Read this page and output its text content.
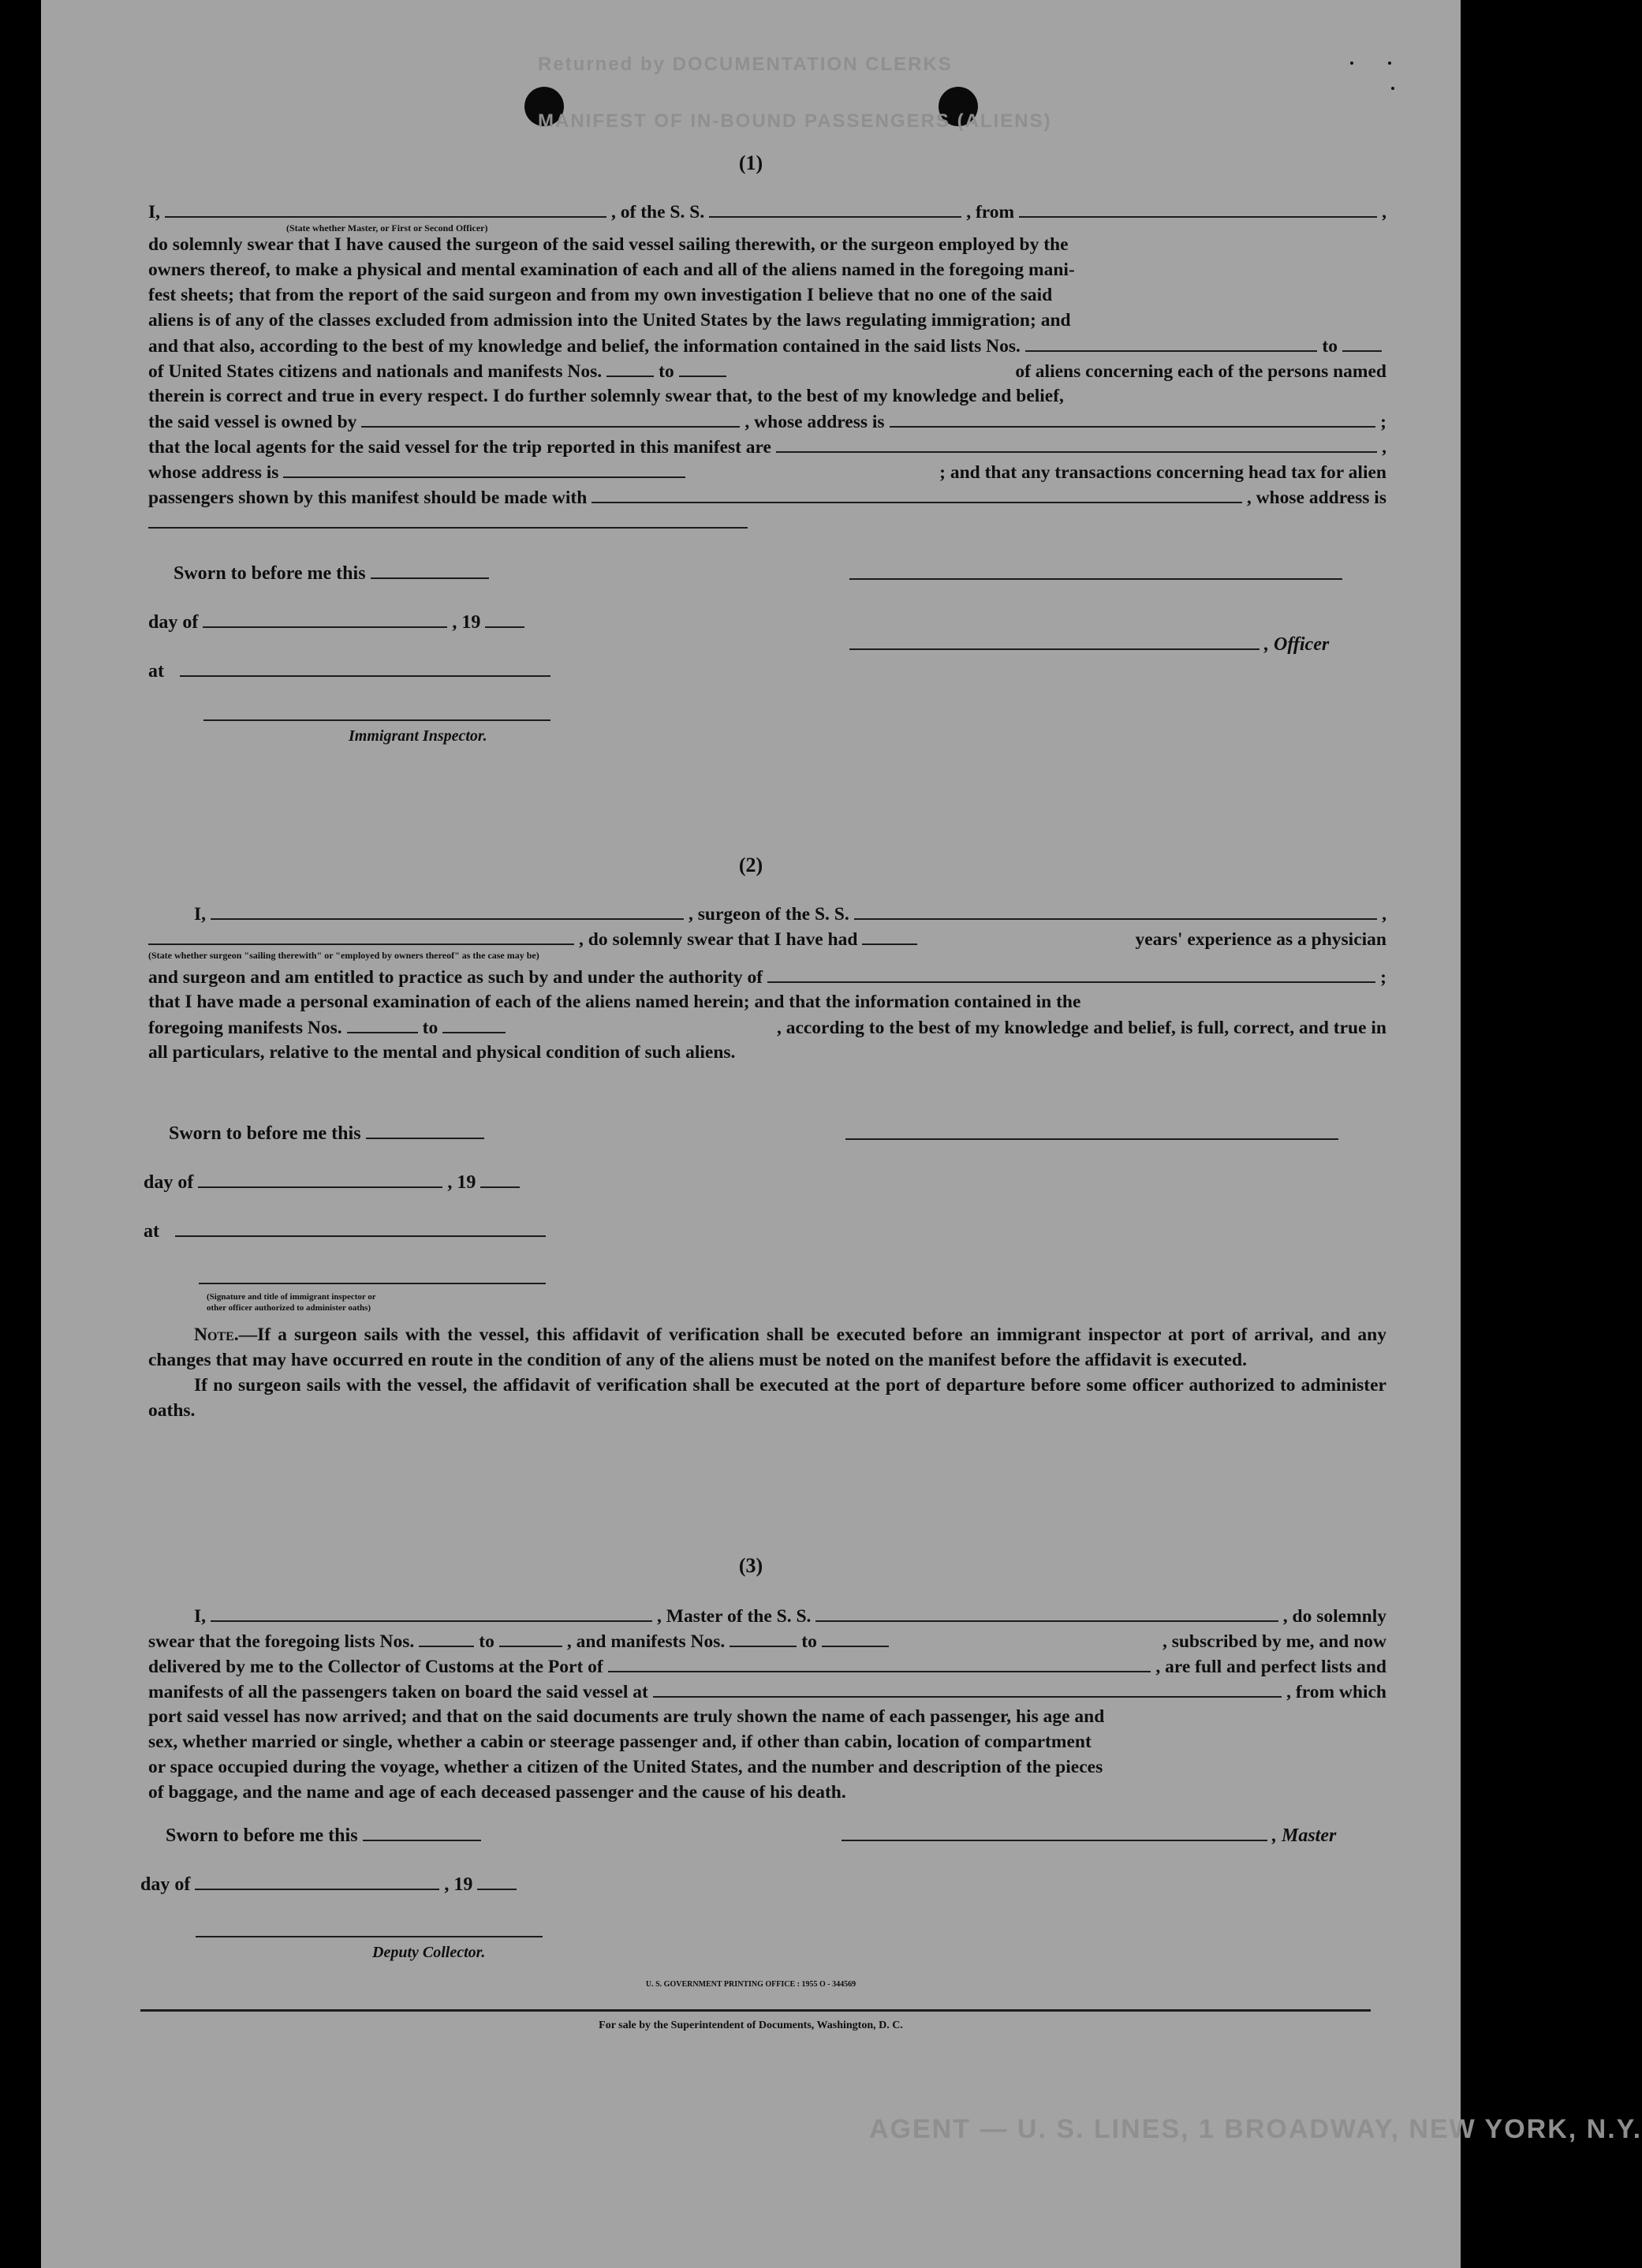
Returned by DOCUMENTATION CLERKS
MANIFEST OF IN-BOUND PASSENGERS (ALIENS)
AGENT — U. S. LINES, 1 BROADWAY, NEW YORK, N.Y.
(1)
I,	, of the S. S.	, from	,
(State whether Master, or First or Second Officer)
do solemnly swear that I have caused the surgeon of the said vessel sailing therewith, or the surgeon employed by the
owners thereof, to make a physical and mental examination of each and all of the aliens named in the foregoing mani-
fest sheets; that from the report of the said surgeon and from my own investigation I believe that no one of the said
aliens is of any of the classes excluded from admission into the United States by the laws regulating immigration; and
and that also, according to the best of my knowledge and belief, the information contained in the said lists Nos.	to
of United States citizens and nationals and manifests Nos.	to	of aliens concerning each of the persons named
therein is correct and true in every respect. I do further solemnly swear that, to the best of my knowledge and belief,
the said vessel is owned by	, whose address is	;
that the local agents for the said vessel for the trip reported in this manifest are	,
whose address is	; and that any transactions concerning head tax for alien
passengers shown by this manifest should be made with	, whose address is
Sworn to before me this
day of	, 19
at
Immigrant Inspector.
, Officer
(2)
I,	, surgeon of the S. S.	,
, do solemnly swear that I have had	years' experience as a physician
(State whether surgeon "sailing therewith" or "employed by owners thereof" as the case may be)
and surgeon and am entitled to practice as such by and under the authority of	;
that I have made a personal examination of each of the aliens named herein; and that the information contained in the
foregoing manifests Nos.	to	, according to the best of my knowledge and belief, is full, correct, and true in
all particulars, relative to the mental and physical condition of such aliens.
Sworn to before me this
day of	, 19
at
(Signature and title of immigrant inspector or
other officer authorized to administer oaths)

Note.—If a surgeon sails with the vessel, this affidavit of verification shall be executed before an immigrant inspector at port of arrival, and any changes that may have occurred en route in the condition of any of the aliens must be noted on the manifest before the affidavit is executed.

If no surgeon sails with the vessel, the affidavit of verification shall be executed at the port of departure before some officer authorized to administer oaths.

(3)
I,	, Master of the S. S.	, do solemnly
swear that the foregoing lists Nos.	to	, and manifests Nos.	to	, subscribed by me, and now
delivered by me to the Collector of Customs at the Port of	, are full and perfect lists and
manifests of all the passengers taken on board the said vessel at	, from which
port said vessel has now arrived; and that on the said documents are truly shown the name of each passenger, his age and
sex, whether married or single, whether a cabin or steerage passenger and, if other than cabin, location of compartment
or space occupied during the voyage, whether a citizen of the United States, and the number and description of the pieces
of baggage, and the name and age of each deceased passenger and the cause of his death.
Sworn to before me this
day of	, 19
, Master
Deputy Collector.
U. S. GOVERNMENT PRINTING OFFICE : 1955 O - 344569
For sale by the Superintendent of Documents, Washington, D. C.
